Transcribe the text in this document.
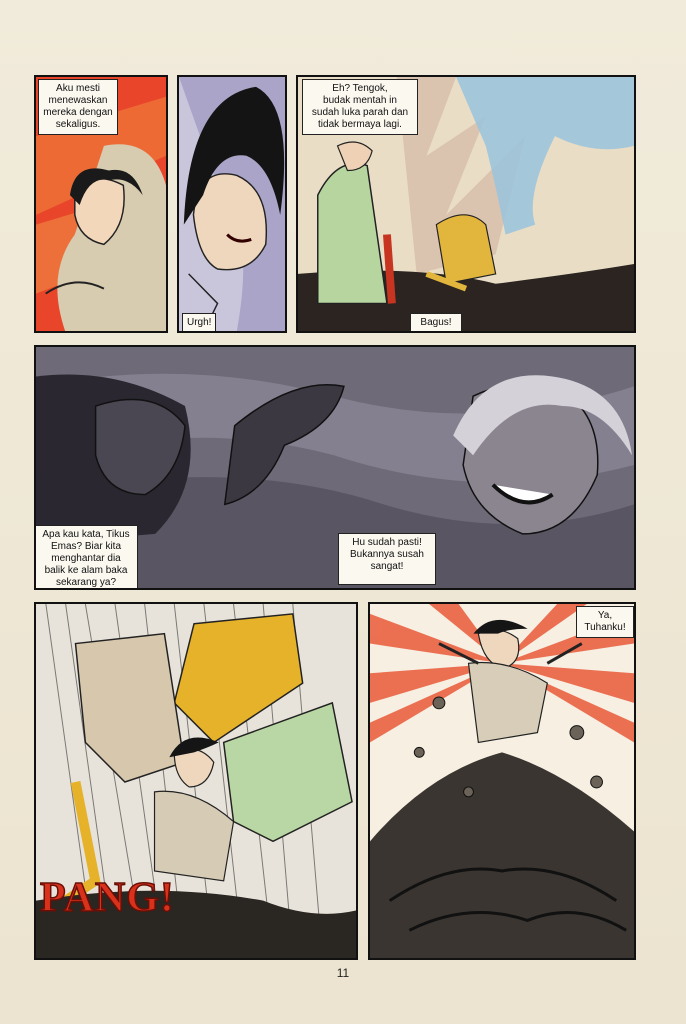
Aku mesti
menewaskan
mereka dengan
sekaligus.
Urgh!
Eh? Tengok,
budak mentah in
sudah luka parah dan
tidak bermaya lagi.
Bagus!
Apa kau kata, Tikus
Emas? Biar kita
menghantar dia
balik ke alam baka
sekarang ya?
Hu sudah pasti!
Bukannya susah
sangat!
PANG!
Ya,
Tuhanku!
11
